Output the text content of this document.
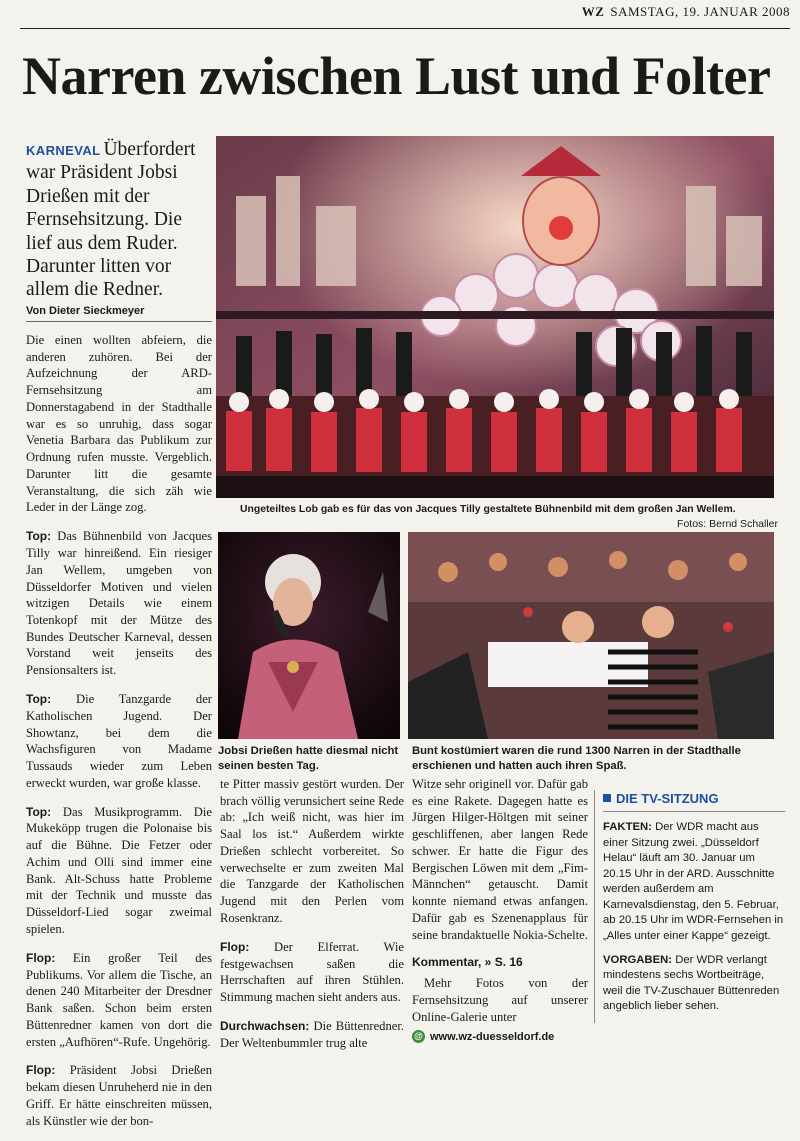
WZ SAMSTAG, 19. JANUAR 2008
Narren zwischen Lust und Folter
KARNEVAL Überfordert war Präsident Jobsi Drießen mit der Fernsehsitzung. Die lief aus dem Ruder. Darunter litten vor allem die Redner.
Von Dieter Sieckmeyer

Die einen wollten abfeiern, die anderen zuhören. Bei der Aufzeichnung der ARD-Fernsehsitzung am Donnerstagabend in der Stadthalle war es so unruhig, dass sogar Venetia Barbara das Publikum zur Ordnung rufen musste. Vergeblich. Darunter litt die gesamte Veranstaltung, die sich zäh wie Leder in der Länge zog.

Top: Das Bühnenbild von Jacques Tilly war hinreißend. Ein riesiger Jan Wellem, umgeben von Düsseldorfer Motiven und vielen witzigen Details wie einem Totenkopf mit der Mütze des Bundes Deutscher Karneval, dessen Vorstand weit jenseits des Pensionsalters ist.

Top: Die Tanzgarde der Katholischen Jugend. Der Showtanz, bei dem die Wachsfiguren von Madame Tussauds wieder zum Leben erweckt wurden, war große klasse.

Top: Das Musikprogramm. Die Mukeköpp trugen die Polonaise bis auf die Bühne. Die Fetzer oder Achim und Olli sind immer eine Bank. Alt-Schuss hatte Probleme mit der Technik und musste das Düsseldorf-Lied sogar zweimal spielen.

Flop: Ein großer Teil des Publikums. Vor allem die Tische, an denen 240 Mitarbeiter der Dresdner Bank saßen. Schon beim ersten Büttenredner kamen von dort die ersten „Aufhören“-Rufe. Ungehörig.

Flop: Präsident Jobsi Drießen bekam diesen Unruheherd nie in den Griff. Er hätte einschreiten müssen, als Künstler wie der bon-

Ungeteiltes Lob gab es für das von Jacques Tilly gestaltete Bühnenbild mit dem großen Jan Wellem.
Fotos: Bernd Schaller
Jobsi Drießen hatte diesmal nicht seinen besten Tag.
Bunt kostümiert waren die rund 1300 Narren in der Stadthalle erschienen und hatten auch ihren Spaß.

te Pitter massiv gestört wurden. Der brach völlig verunsichert seine Rede ab: „Ich weiß nicht, was hier im Saal los ist.“ Außerdem wirkte Drießen schlecht vorbereitet. So verwechselte er zum zweiten Mal die Tanzgarde der Katholischen Jugend mit den Perlen vom Rosenkranz.

Flop: Der Elferrat. Wie festgewachsen saßen die Herrschaften auf ihren Stühlen. Stimmung machen sieht anders aus.

Durchwachsen: Die Büttenredner. Der Weltenbummler trug alte

Witze sehr originell vor. Dafür gab es eine Rakete. Dagegen hatte es Jürgen Hilger-Höltgen mit seiner geschliffenen, aber langen Rede schwer. Er hatte die Figur des Bergischen Löwen mit dem „Fim-Männchen“ getauscht. Damit konnte niemand etwas anfangen. Dafür gab es Szenenapplaus für seine brandaktuelle Nokia-Schelte.

Kommentar, » S. 16

Mehr Fotos von der Fernsehsitzung auf unserer Online-Galerie unter

@ www.wz-duesseldorf.de
DIE TV-SITZUNG

FAKTEN: Der WDR macht aus einer Sitzung zwei. „Düsseldorf Helau“ läuft am 30. Januar um 20.15 Uhr in der ARD. Ausschnitte werden außerdem am Karnevalsdienstag, den 5. Februar, ab 20.15 Uhr im WDR-Fernsehen in „Alles unter einer Kappe“ gezeigt.

VORGABEN: Der WDR verlangt mindestens sechs Wortbeiträge, weil die TV-Zuschauer Büttenreden angeblich lieber sehen.
